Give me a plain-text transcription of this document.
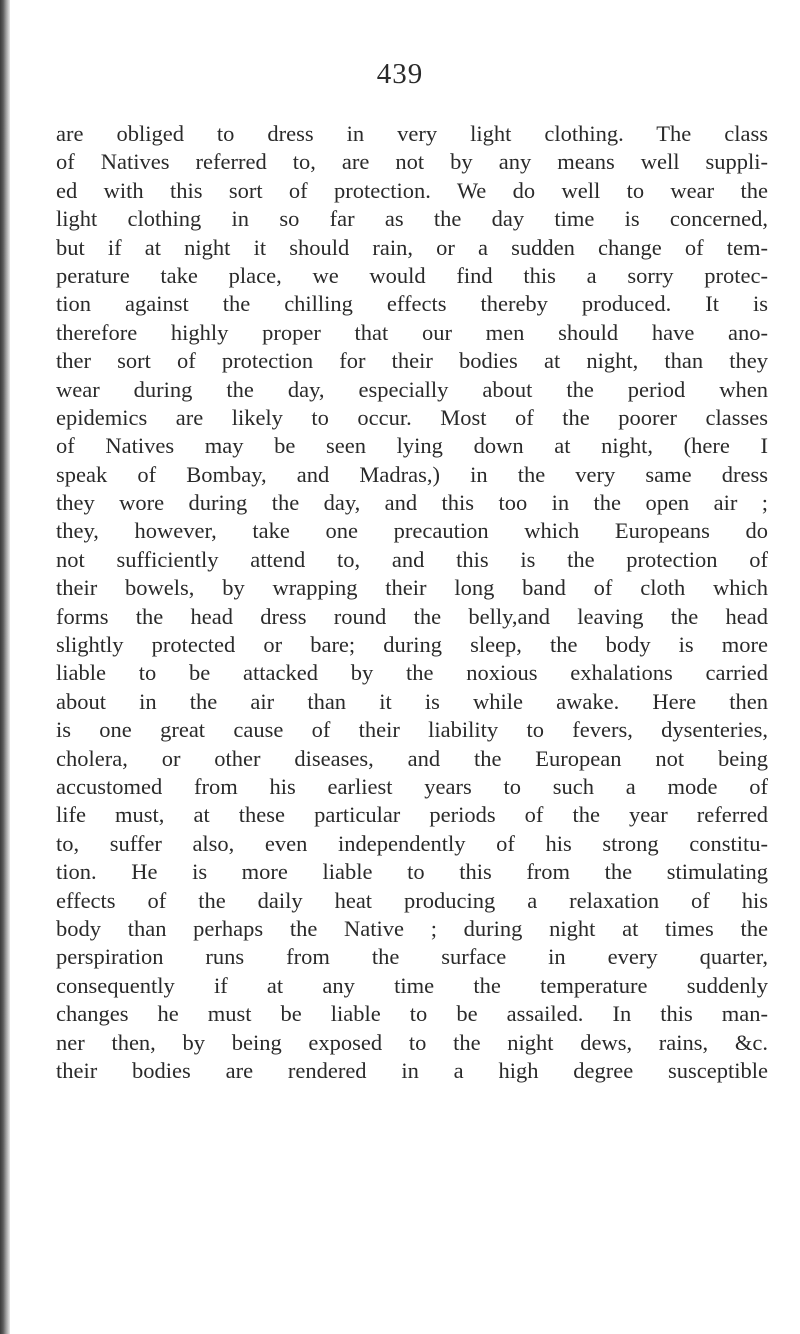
439
are obliged to dress in very light clothing. The class
of Natives referred to, are not by any means well suppli-
ed with this sort of protection. We do well to wear the
light clothing in so far as the day time is concerned,
but if at night it should rain, or a sudden change of tem-
perature take place, we would find this a sorry protec-
tion against the chilling effects thereby produced. It is
therefore highly proper that our men should have ano-
ther sort of protection for their bodies at night, than they
wear during the day, especially about the period when
epidemics are likely to occur. Most of the poorer classes
of Natives may be seen lying down at night, (here I
speak of Bombay, and Madras,) in the very same dress
they wore during the day, and this too in the open air ;
they, however, take one precaution which Europeans do
not sufficiently attend to, and this is the protection of
their bowels, by wrapping their long band of cloth which
forms the head dress round the belly,and leaving the head
slightly protected or bare; during sleep, the body is more
liable to be attacked by the noxious exhalations carried
about in the air than it is while awake. Here then
is one great cause of their liability to fevers, dysenteries,
cholera, or other diseases, and the European not being
accustomed from his earliest years to such a mode of
life must, at these particular periods of the year referred
to, suffer also, even independently of his strong constitu-
tion. He is more liable to this from the stimulating
effects of the daily heat producing a relaxation of his
body than perhaps the Native ; during night at times the
perspiration runs from the surface in every quarter,
consequently if at any time the temperature suddenly
changes he must be liable to be assailed. In this man-
ner then, by being exposed to the night dews, rains, &c.
their bodies are rendered in a high degree susceptible
